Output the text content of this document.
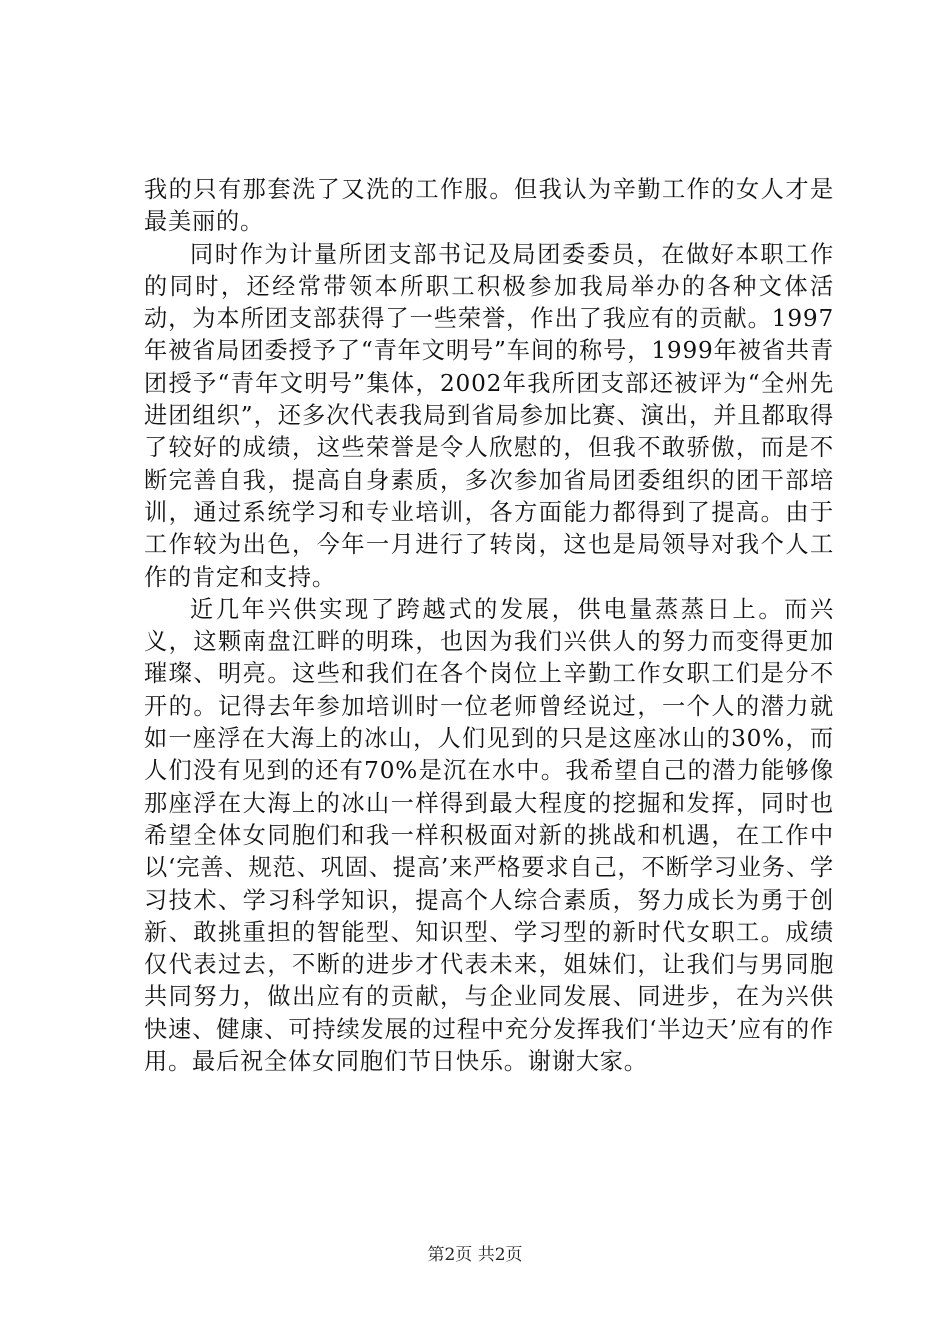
我的只有那套洗了又洗的工作服。但我认为辛勤工作的女人才是最美丽的。

同时作为计量所团支部书记及局团委委员，在做好本职工作的同时，还经常带领本所职工积极参加我局举办的各种文体活动，为本所团支部获得了一些荣誉，作出了我应有的贡献。1997年被省局团委授予了“青年文明号”车间的称号，1999年被省共青团授予“青年文明号”集体，2002年我所团支部还被评为“全州先进团组织”，还多次代表我局到省局参加比赛、演出，并且都取得了较好的成绩，这些荣誉是令人欣慰的，但我不敢骄傲，而是不断完善自我，提高自身素质，多次参加省局团委组织的团干部培训，通过系统学习和专业培训，各方面能力都得到了提高。由于工作较为出色，今年一月进行了转岗，这也是局领导对我个人工作的肯定和支持。

近几年兴供实现了跨越式的发展，供电量蒸蒸日上。而兴义，这颗南盘江畔的明珠，也因为我们兴供人的努力而变得更加璀璨、明亮。这些和我们在各个岗位上辛勤工作女职工们是分不开的。记得去年参加培训时一位老师曾经说过，一个人的潜力就如一座浮在大海上的冰山，人们见到的只是这座冰山的30%，而人们没有见到的还有70%是沉在水中。我希望自己的潜力能够像那座浮在大海上的冰山一样得到最大程度的挖掘和发挥，同时也希望全体女同胞们和我一样积极面对新的挑战和机遇，在工作中以‘完善、规范、巩固、提高’来严格要求自己，不断学习业务、学习技术、学习科学知识，提高个人综合素质，努力成长为勇于创新、敢挑重担的智能型、知识型、学习型的新时代女职工。成绩仅代表过去，不断的进步才代表未来，姐妹们，让我们与男同胞共同努力，做出应有的贡献，与企业同发展、同进步，在为兴供快速、健康、可持续发展的过程中充分发挥我们‘半边天’应有的作用。最后祝全体女同胞们节日快乐。谢谢大家。

第2页 共2页
